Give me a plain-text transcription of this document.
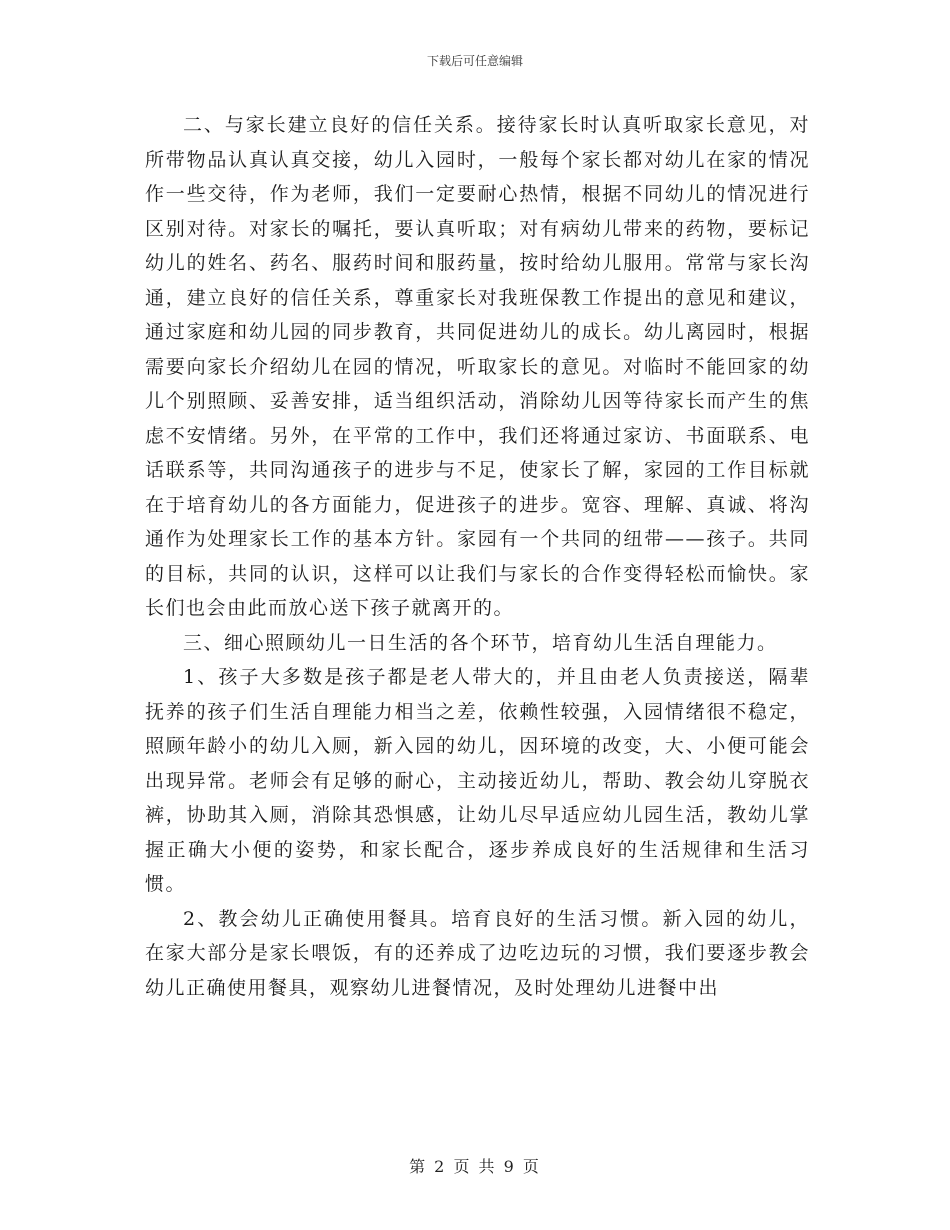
下载后可任意编辑

二、与家长建立良好的信任关系。接待家长时认真听取家长意见，对所带物品认真认真交接，幼儿入园时，一般每个家长都对幼儿在家的情况作一些交待，作为老师，我们一定要耐心热情，根据不同幼儿的情况进行区别对待。对家长的嘱托，要认真听取；对有病幼儿带来的药物，要标记幼儿的姓名、药名、服药时间和服药量，按时给幼儿服用。常常与家长沟通，建立良好的信任关系，尊重家长对我班保教工作提出的意见和建议，通过家庭和幼儿园的同步教育，共同促进幼儿的成长。幼儿离园时，根据需要向家长介绍幼儿在园的情况，听取家长的意见。对临时不能回家的幼儿个别照顾、妥善安排，适当组织活动，消除幼儿因等待家长而产生的焦虑不安情绪。另外，在平常的工作中，我们还将通过家访、书面联系、电话联系等，共同沟通孩子的进步与不足，使家长了解，家园的工作目标就在于培育幼儿的各方面能力，促进孩子的进步。宽容、理解、真诚、将沟通作为处理家长工作的基本方针。家园有一个共同的纽带——孩子。共同的目标，共同的认识，这样可以让我们与家长的合作变得轻松而愉快。家长们也会由此而放心送下孩子就离开的。

三、细心照顾幼儿一日生活的各个环节，培育幼儿生活自理能力。

1、孩子大多数是孩子都是老人带大的，并且由老人负责接送，隔辈抚养的孩子们生活自理能力相当之差，依赖性较强，入园情绪很不稳定，照顾年龄小的幼儿入厕，新入园的幼儿，因环境的改变，大、小便可能会出现异常。老师会有足够的耐心，主动接近幼儿，帮助、教会幼儿穿脱衣裤，协助其入厕，消除其恐惧感，让幼儿尽早适应幼儿园生活，教幼儿掌握正确大小便的姿势，和家长配合，逐步养成良好的生活规律和生活习惯。

2、教会幼儿正确使用餐具。培育良好的生活习惯。新入园的幼儿，在家大部分是家长喂饭，有的还养成了边吃边玩的习惯，我们要逐步教会幼儿正确使用餐具，观察幼儿进餐情况，及时处理幼儿进餐中出

第 2 页 共 9 页
